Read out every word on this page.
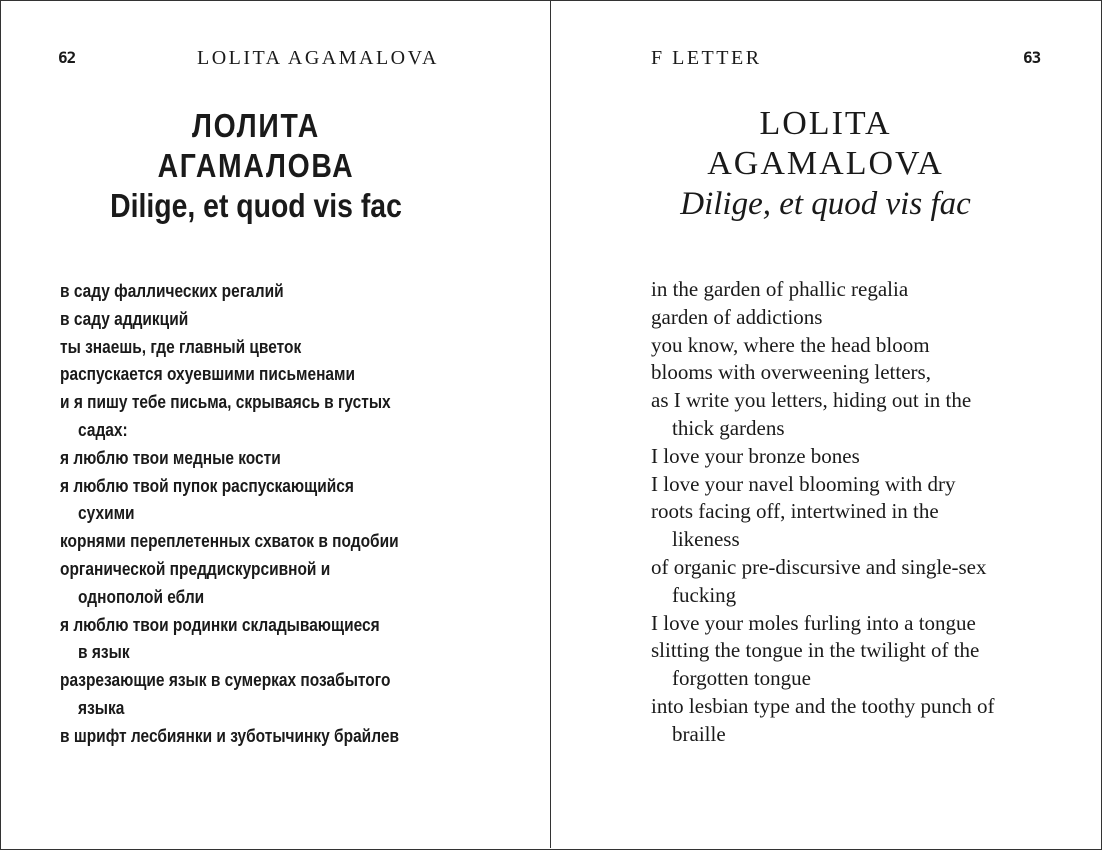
62	LOLITA AGAMALOVA
ЛОЛИТА
АГАМАЛОВА
Dilige, et quod vis fac
в саду фаллических регалий
в саду аддикций
ты знаешь, где главный цветок
распускается охуевшими письменами
и я пишу тебе письма, скрываясь в густых
садах:
я люблю твои медные кости
я люблю твой пупок распускающийся
сухими
корнями переплетенных схваток в подобии
органической преддискурсивной и
однополой ебли
я люблю твои родинки складывающиеся
в язык
разрезающие язык в сумерках позабытого
языка
в шрифт лесбиянки и зуботычинку брайлев
F LETTER	63
LOLITA
AGAMALOVA
Dilige, et quod vis fac
in the garden of phallic regalia
garden of addictions
you know, where the head bloom
blooms with overweening letters,
as I write you letters, hiding out in the
thick gardens
I love your bronze bones
I love your navel blooming with dry
roots facing off, intertwined in the
likeness
of organic pre-discursive and single-sex
fucking
I love your moles furling into a tongue
slitting the tongue in the twilight of the
forgotten tongue
into lesbian type and the toothy punch of
braille
